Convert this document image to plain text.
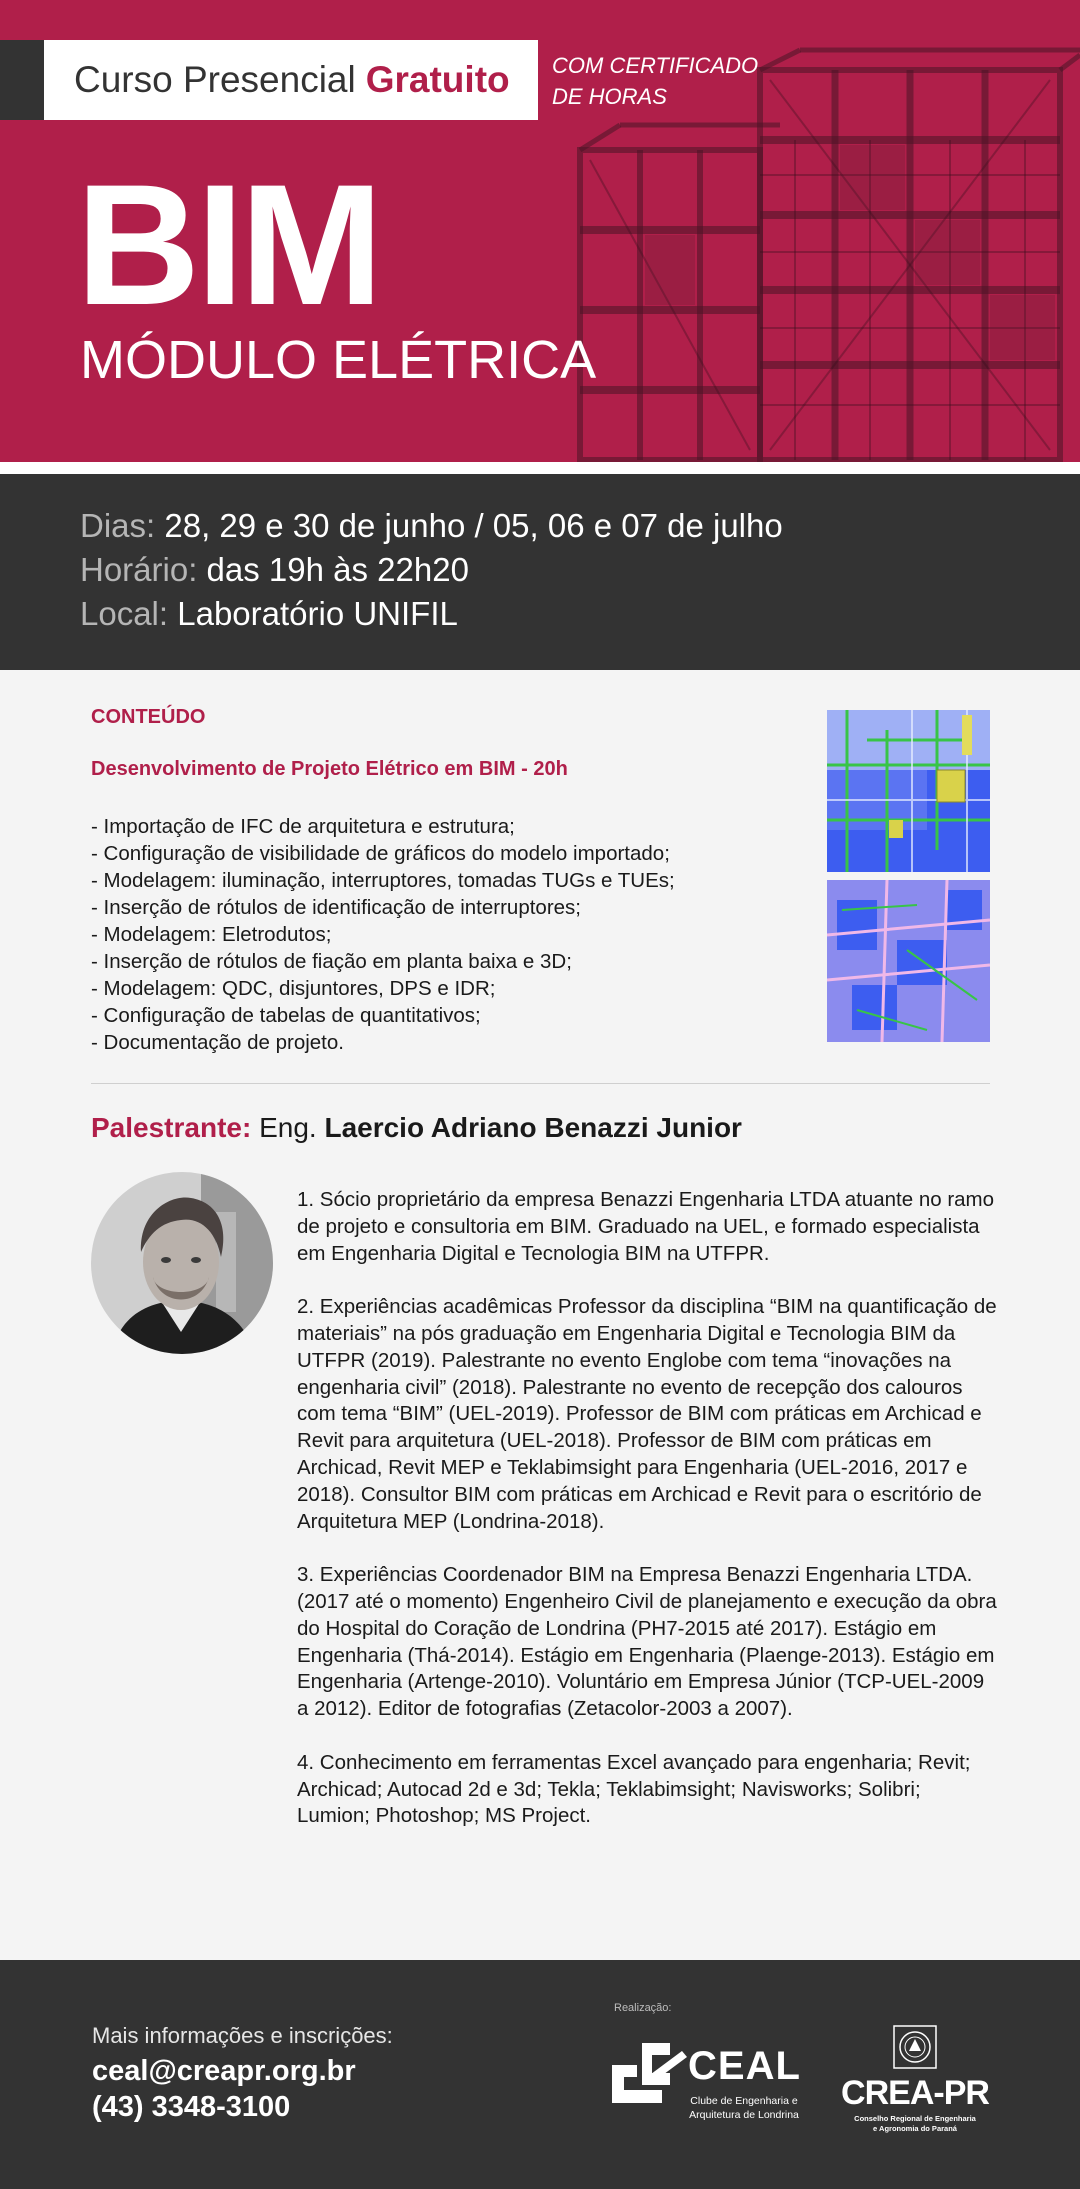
Curso Presencial Gratuito COM CERTIFICADO
DE HORAS
BIM
MÓDULO ELÉTRICA
Dias: 28, 29 e 30 de junho / 05, 06 e 07 de julho
Horário: das 19h às 22h20
Local: Laboratório UNIFIL
CONTEÚDO
Desenvolvimento de Projeto Elétrico em BIM - 20h
- Importação de IFC de arquitetura e estrutura;
- Configuração de visibilidade de gráficos do modelo importado;
- Modelagem: iluminação, interruptores, tomadas TUGs e TUEs;
- Inserção de rótulos de identificação de interruptores;
- Modelagem: Eletrodutos;
- Inserção de rótulos de fiação em planta baixa e 3D;
- Modelagem: QDC, disjuntores, DPS e IDR;
- Configuração de tabelas de quantitativos;
- Documentação de projeto.
Palestrante: Eng. Laercio Adriano Benazzi Junior

1. Sócio proprietário da empresa Benazzi Engenharia LTDA atuante no ramo de projeto e consultoria em BIM. Graduado na UEL, e formado especialista em Engenharia Digital e Tecnologia BIM na UTFPR.

2. Experiências acadêmicas Professor da disciplina “BIM na quantificação de materiais” na pós graduação em Engenharia Digital e Tecnologia BIM da UTFPR (2019). Palestrante no evento Englobe com tema “inovações na engenharia civil” (2018). Palestrante no evento de recepção dos calouros com tema “BIM” (UEL-2019). Professor de BIM com práticas em Archicad e Revit para arquitetura (UEL-2018). Professor de BIM com práticas em Archicad, Revit MEP e Teklabimsight para Engenharia (UEL-2016, 2017 e 2018). Consultor BIM com práticas em Archicad e Revit para o escritório de Arquitetura MEP (Londrina-2018).

3. Experiências Coordenador BIM na Empresa Benazzi Engenharia LTDA. (2017 até o momento) Engenheiro Civil de planejamento e execução da obra do Hospital do Coração de Londrina (PH7-2015 até 2017). Estágio em Engenharia (Thá-2014). Estágio em Engenharia (Plaenge-2013). Estágio em Engenharia (Artenge-2010). Voluntário em Empresa Júnior (TCP-UEL-2009 a 2012). Editor de fotografias (Zetacolor-2003 a 2007).

4. Conhecimento em ferramentas Excel avançado para engenharia; Revit; Archicad; Autocad 2d e 3d; Tekla; Teklabimsight; Navisworks; Solibri; Lumion; Photoshop; MS Project.

Mais informações e inscrições:
ceal@creapr.org.br
(43) 3348-3100
Realização:
CEAL
Clube de Engenharia e
Arquitetura de Londrina
CREA-PR
Conselho Regional de Engenharia
e Agronomia do Paraná
